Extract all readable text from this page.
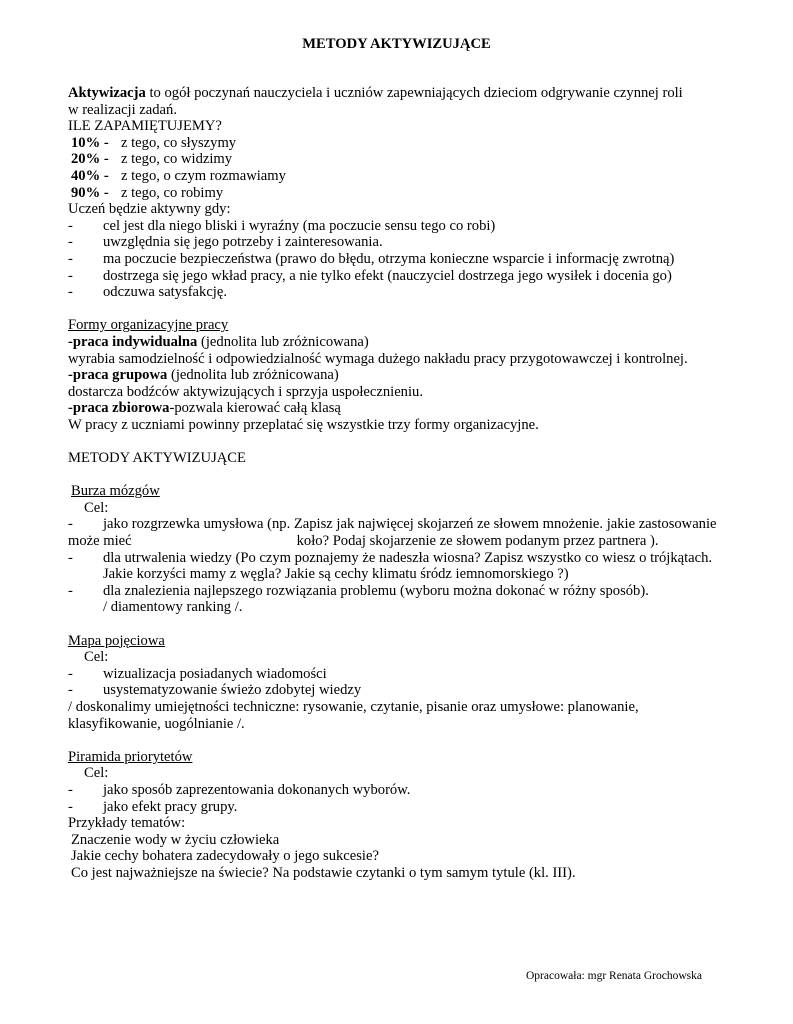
METODY AKTYWIZUJĄCE
Aktywizacja to ogół poczynań nauczyciela i uczniów zapewniających dzieciom odgrywanie czynnej roli
w realizacji zadań.
ILE ZAPAMIĘTUJEMY?
10% - z tego, co słyszymy
20% - z tego, co widzimy
40% - z tego, o czym rozmawiamy
90% - z tego, co robimy
Uczeń będzie aktywny gdy:
- cel jest dla niego bliski i wyraźny (ma poczucie sensu tego co robi)
- uwzględnia się jego potrzeby i zainteresowania.
- ma poczucie bezpieczeństwa (prawo do błędu, otrzyma konieczne wsparcie i informację zwrotną)
- dostrzega się jego wkład pracy, a nie tylko efekt (nauczyciel dostrzega jego wysiłek i docenia go)
- odczuwa satysfakcję.
Formy organizacyjne pracy
-praca indywidualna (jednolita lub zróżnicowana)
wyrabia samodzielność i odpowiedzialność wymaga dużego nakładu pracy przygotowawczej i kontrolnej.
-praca grupowa (jednolita lub zróżnicowana)
dostarcza bodźców aktywizujących i sprzyja uspołecznieniu.
-praca zbiorowa-pozwala kierować całą klasą
W pracy z uczniami powinny przeplatać się wszystkie trzy formy organizacyjne.
METODY AKTYWIZUJĄCE
Burza mózgów
Cel:
- jako rozgrzewka umysłowa (np. Zapisz jak najwięcej skojarzeń ze słowem mnożenie. jakie zastosowanie
może mieć	koło? Podaj skojarzenie ze słowem podanym przez partnera ).
- dla utrwalenia wiedzy (Po czym poznajemy że nadeszła wiosna? Zapisz wszystko co wiesz o trójkątach.
Jakie korzyści mamy z węgla? Jakie są cechy klimatu śródz iemnomorskiego ?)
- dla znalezienia najlepszego rozwiązania problemu (wyboru można dokonać w różny sposób).
/ diamentowy ranking /.
Mapa pojęciowa
Cel:
- wizualizacja posiadanych wiadomości
- usystematyzowanie świeżo zdobytej wiedzy
/ doskonalimy umiejętności techniczne: rysowanie, czytanie, pisanie oraz umysłowe: planowanie,
klasyfikowanie, uogólnianie /.
Piramida priorytetów
Cel:
- jako sposób zaprezentowania dokonanych wyborów.
- jako efekt pracy grupy.
Przykłady tematów:
Znaczenie wody w życiu człowieka
Jakie cechy bohatera zadecydowały o jego sukcesie?
Co jest najważniejsze na świecie? Na podstawie czytanki o tym samym tytule (kl. III).
Opracowała: mgr Renata Grochowska
